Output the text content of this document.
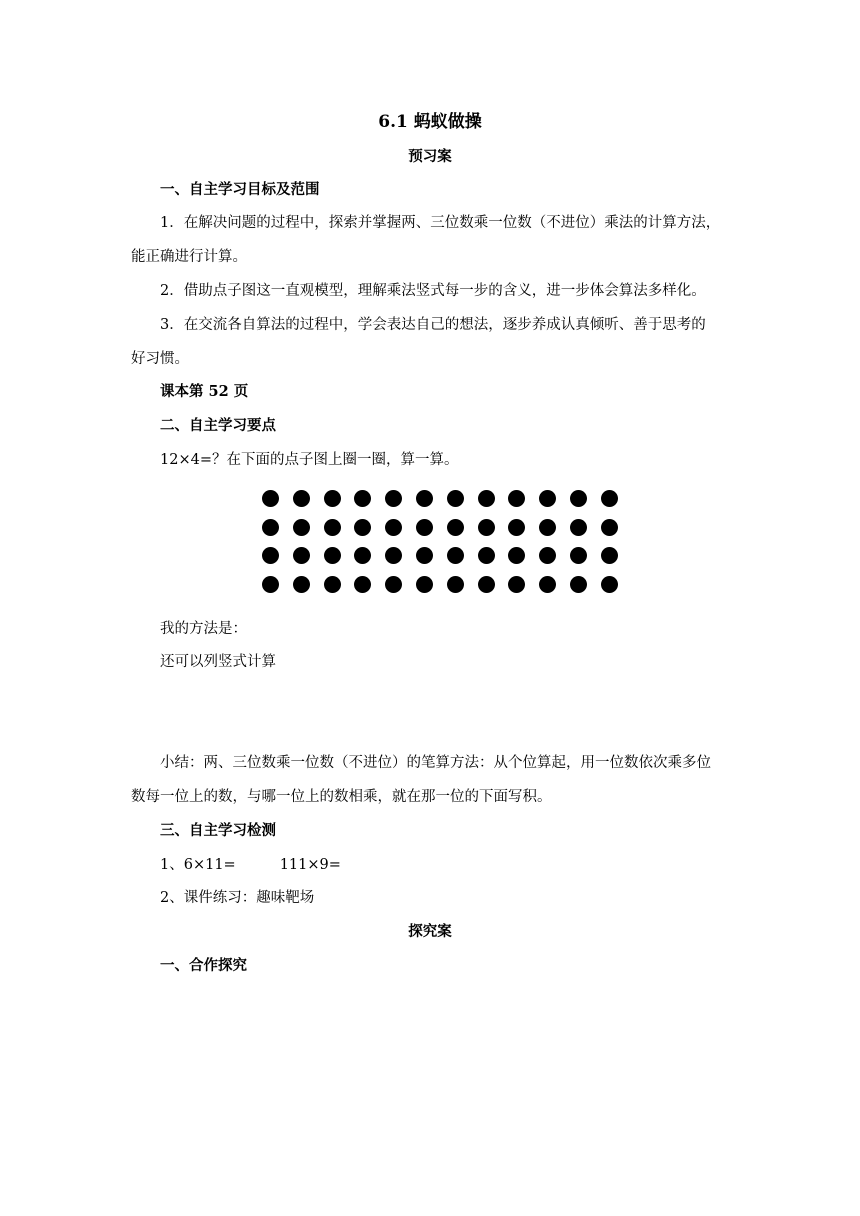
6.1 蚂蚁做操

预习案

一、自主学习目标及范围

1．在解决问题的过程中，探索并掌握两、三位数乘一位数（不进位）乘法的计算方法，

能正确进行计算。

2．借助点子图这一直观模型，理解乘法竖式每一步的含义，进一步体会算法多样化。

3．在交流各自算法的过程中，学会表达自己的想法，逐步养成认真倾听、善于思考的

好习惯。

课本第 52 页

二、自主学习要点

12×4=？在下面的点子图上圈一圈，算一算。

我的方法是：

还可以列竖式计算

小结：两、三位数乘一位数（不进位）的笔算方法：从个位算起，用一位数依次乘多位

数每一位上的数，与哪一位上的数相乘，就在那一位的下面写积。

三、自主学习检测

1、6×11=	111×9=

2、课件练习：趣味靶场

探究案

一、合作探究
